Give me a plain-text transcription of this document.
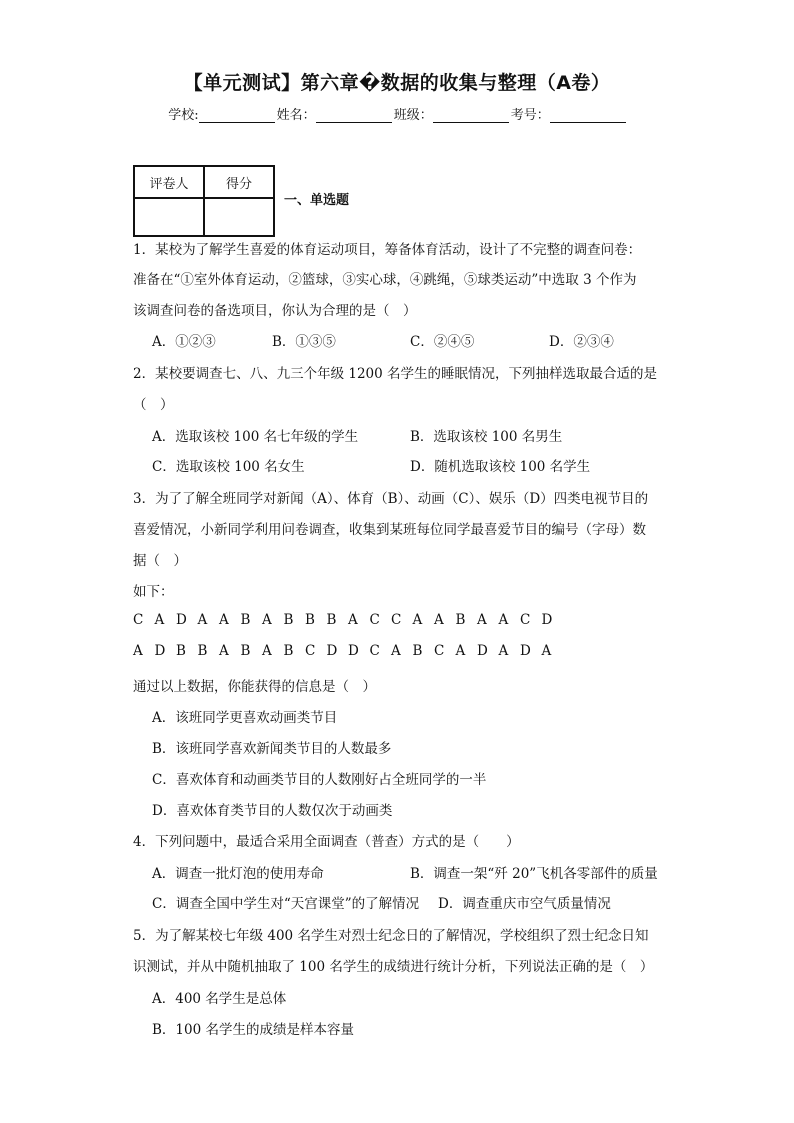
【单元测试】第六章�数据的收集与整理（A卷）
学校:	姓名：	班级：	考号：
评卷人	得分

一、单选题
1．某校为了解学生喜爱的体育运动项目，筹备体育活动，设计了不完整的调查问卷：
准备在“①室外体育运动，②篮球，③实心球，④跳绳，⑤球类运动”中选取 3 个作为
该调查问卷的备选项目，你认为合理的是（　）
A．①②③	B．①③⑤	C．②④⑤	D．②③④
2．某校要调查七、八、九三个年级 1200 名学生的睡眠情况，下列抽样选取最合适的是
（　）
A．选取该校 100 名七年级的学生	B．选取该校 100 名男生
C．选取该校 100 名女生	D．随机选取该校 100 名学生
3．为了了解全班同学对新闻（A）、体育（B）、动画（C）、娱乐（D）四类电视节目的
喜爱情况，小新同学利用问卷调查，收集到某班每位同学最喜爱节目的编号（字母）数
据（　）
如下：
C A D A A B A B B B A C C A A B A A C D
A D B B A B A B C D D C A B C A D A D A
通过以上数据，你能获得的信息是（　）
A．该班同学更喜欢动画类节目
B．该班同学喜欢新闻类节目的人数最多
C．喜欢体育和动画类节目的人数刚好占全班同学的一半
D．喜欢体育类节目的人数仅次于动画类
4．下列问题中，最适合采用全面调查（普查）方式的是（　　）
A．调查一批灯泡的使用寿命	B．调查一架“歼 20”飞机各零部件的质量
C．调查全国中学生对“天宫课堂”的了解情况 D．调查重庆市空气质量情况
5．为了解某校七年级 400 名学生对烈士纪念日的了解情况，学校组织了烈士纪念日知
识测试，并从中随机抽取了 100 名学生的成绩进行统计分析，下列说法正确的是（　）
A．400 名学生是总体
B．100 名学生的成绩是样本容量
